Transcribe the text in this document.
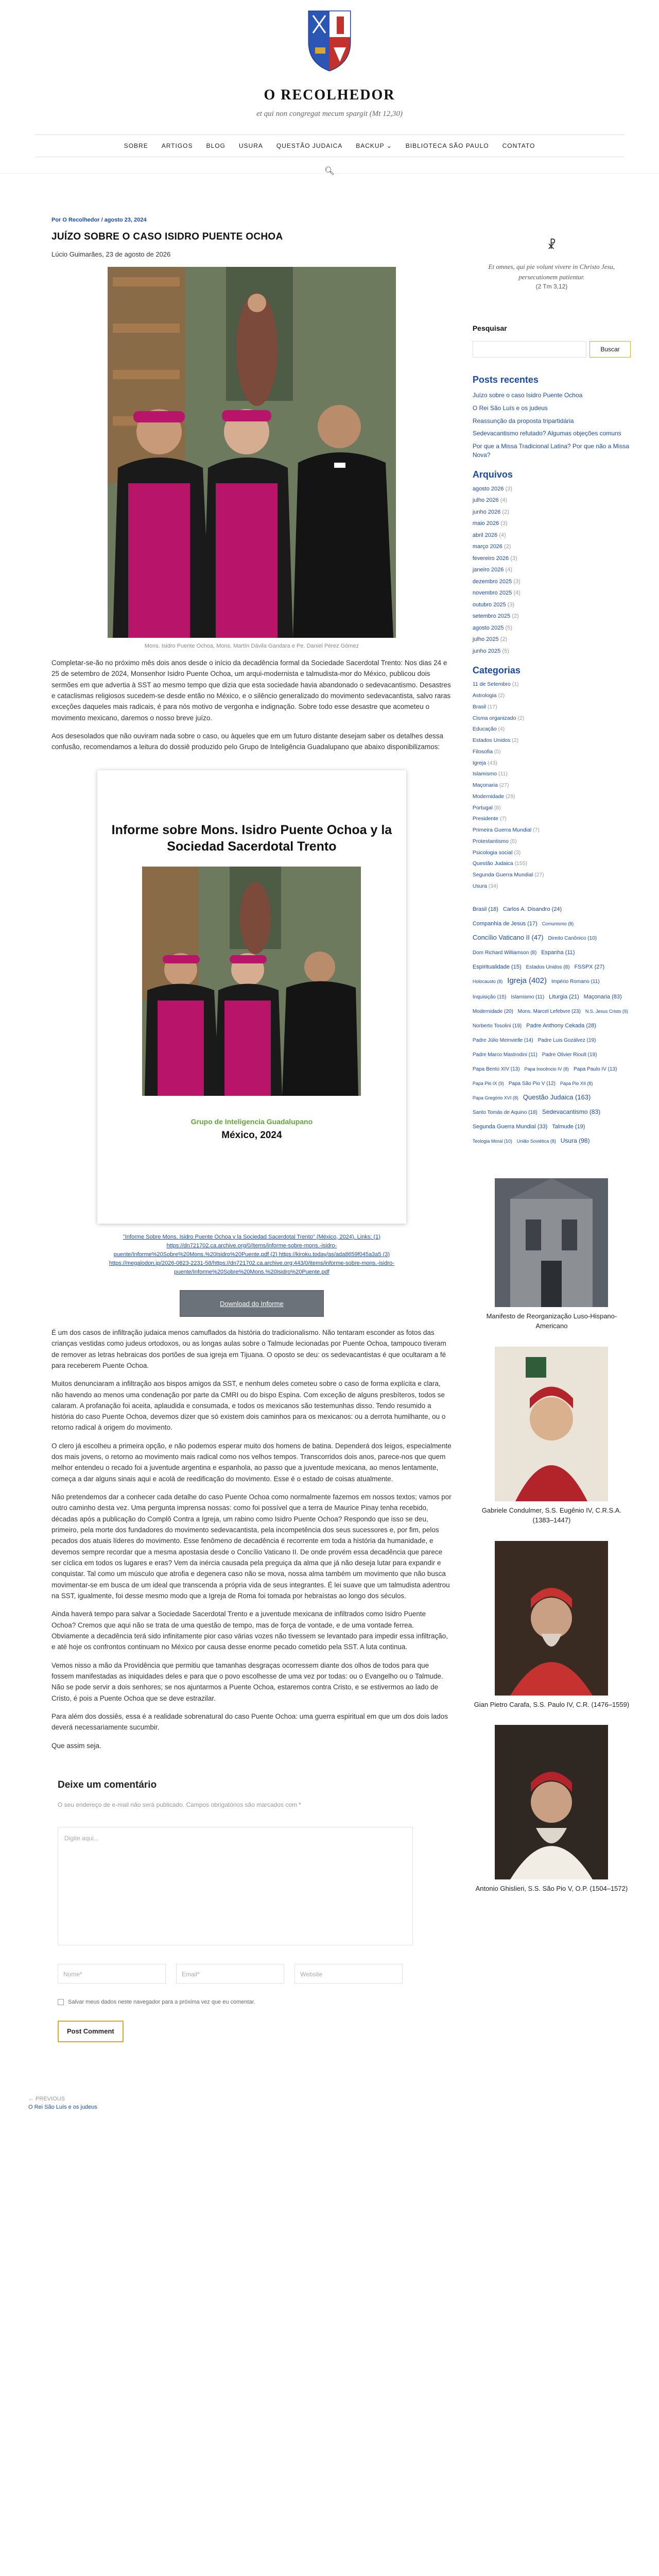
O RECOLHEDOR
et qui non congregat mecum spargit (Mt 12,30)
SOBRE ARTIGOS BLOG USURA QUESTÃO JUDAICA BACKUP ⌄ BIBLIOTECA SÃO PAULO CONTATO
🔍︎
Por O Recolhedor / agosto 23, 2024
JUÍZO SOBRE O CASO ISIDRO PUENTE OCHOA
Lúcio Guimarães, 23 de agosto de 2026
Mons. Isidro Puente Ochoa, Mons. Martín Dávila Gandara e Pe. Daniel Pérez Gómez

Completar-se-ão no próximo mês dois anos desde o início da decadência formal da Sociedade Sacerdotal Trento: Nos dias 24 e 25 de setembro de 2024, Monsenhor Isidro Puente Ochoa, um arqui-modernista e talmudista-mor do México, publicou dois sermões em que advertia à SST ao mesmo tempo que dizia que esta sociedade havia abandonado o sedevacantismo. Desastres e cataclismas religiosos sucedem-se desde então no México, e o silêncio generalizado do movimento sedevacantista, salvo raras exceções daqueles mais radicais, é para nós motivo de vergonha e indignação. Sobre todo esse desastre que acometeu o movimento mexicano, daremos o nosso breve juízo.

Aos desesolados que não ouviram nada sobre o caso, ou àqueles que em um futuro distante desejam saber os detalhes dessa confusão, recomendamos a leitura do dossiê produzido pelo Grupo de Inteligência Guadalupano que abaixo disponibilizamos:

Informe sobre Mons. Isidro Puente Ochoa y la Sociedad Sacerdotal Trento
Grupo de Inteligencia Guadalupano
México, 2024
"Informe Sobre Mons. Isidro Puente Ochoa y la Sociedad Sacerdotal Trento" (México, 2024). Links: (1) https://dn721702.ca.archive.org/0/items/informe-sobre-mons.-isidro-puente/Informe%20Sobre%20Mons.%20Isidro%20Puente.pdf (2) https://kiroku.today/as/ada8659f045a3a5 (3) https://megalodon.jp/2026-0823-2231-58/https://dn721702.ca.archive.org:443/0/items/informe-sobre-mons.-isidro-puente/Informe%20Sobre%20Mons.%20Isidro%20Puente.pdf
Download do Informe

É um dos casos de infiltração judaica menos camuflados da história do tradicionalismo. Não tentaram esconder as fotos das crianças vestidas como judeus ortodoxos, ou as longas aulas sobre o Talmude lecionadas por Puente Ochoa, tampouco tiveram de remover as letras hebraicas dos portões de sua igreja em Tijuana. O oposto se deu: os sedevacantistas é que ocultaram a fé para receberem Puente Ochoa.

Muitos denunciaram a infiltração aos bispos amigos da SST, e nenhum deles cometeu sobre o caso de forma explícita e clara, não havendo ao menos uma condenação por parte da CMRI ou do bispo Espina. Com exceção de alguns presbíteros, todos se calaram. A profanação foi aceita, aplaudida e consumada, e todos os mexicanos são testemunhas disso. Tendo resumido a história do caso Puente Ochoa, devemos dizer que só existem dois caminhos para os mexicanos: ou a derrota humilhante, ou o retorno radical à origem do movimento.

O clero já escolheu a primeira opção, e não podemos esperar muito dos homens de batina. Dependerá dos leigos, especialmente dos mais jovens, o retorno ao movimento mais radical como nos velhos tempos. Transcorridos dois anos, parece-nos que quem melhor entendeu o recado foi a juventude argentina e espanhola, ao passo que a juventude mexicana, ao menos lentamente, começa a dar alguns sinais aqui e acolá de reedificação do movimento. Esse é o estado de coisas atualmente.

Não pretendemos dar a conhecer cada detalhe do caso Puente Ochoa como normalmente fazemos em nossos textos; vamos por outro caminho desta vez. Uma pergunta imprensa nossas: como foi possível que a terra de Maurice Pinay tenha recebido, décadas após a publicação do Complô Contra a Igreja, um rabino como Isidro Puente Ochoa? Respondo que isso se deu, primeiro, pela morte dos fundadores do movimento sedevacantista, pela incompetência dos seus sucessores e, por fim, pelos pecados dos atuais líderes do movimento. Esse fenômeno de decadência é recorrente em toda a história da humanidade, e devemos sempre recordar que a mesma apostasia desde o Concílio Vaticano II. De onde provém essa decadência que parece ser cíclica em todos os lugares e eras? Vem da inércia causada pela preguiça da alma que já não deseja lutar para expandir e conquistar. Tal como um músculo que atrofia e degenera caso não se mova, nossa alma também um movimento que não busca movimentar-se em busca de um ideal que transcenda a própria vida de seus integrantes. É lei suave que um talmudista adentrou na SST, igualmente, foi desse mesmo modo que a Igreja de Roma foi tomada por hebraístas ao longo dos séculos.

Ainda haverá tempo para salvar a Sociedade Sacerdotal Trento e a juventude mexicana de infiltrados como Isidro Puente Ochoa? Cremos que aqui não se trata de uma questão de tempo, mas de força de vontade, e de uma vontade ferrea. Obviamente a decadência terá sido infinitamente pior caso várias vozes não tivessem se levantado para impedir essa infiltração, e até hoje os confrontos continuam no México por causa desse enorme pecado cometido pela SST. A luta continua.

Vemos nisso a mão da Providência que permitiu que tamanhas desgraças ocorressem diante dos olhos de todos para que fossem manifestadas as iniquidades deles e para que o povo escolhesse de uma vez por todas: ou o Evangelho ou o Talmude. Não se pode servir a dois senhores; se nos ajuntarmos a Puente Ochoa, estaremos contra Cristo, e se estivermos ao lado de Cristo, é pois a Puente Ochoa que se deve estrazilar.

Para além dos dossiês, essa é a realidade sobrenatural do caso Puente Ochoa: uma guerra espiritual em que um dos dois lados deverá necessariamente sucumbir.

Que assim seja.

Deixe um comentário
O seu endereço de e-mail não será publicado. Campos obrigatórios são marcados com *
Digite aqui...
Nome*	Email*	Website
Salvar meus dados neste navegador para a próxima vez que eu comentar.
Post Comment
☧
Et omnes, qui pie volunt vivere in Christo Jesu, persecutionem patientur.
(2 Tm 3,12)
Pesquisar
Buscar
Posts recentes
Juízo sobre o caso Isidro Puente Ochoa
O Rei São Luís e os judeus
Reassunção da proposta tripartidária
Sedevacantismo refutado? Algumas objeções comuns
Por que a Missa Tradicional Latina? Por que não a Missa Nova?
Arquivos
agosto 2026 (3)
julho 2026 (4)
junho 2026 (2)
maio 2026 (3)
abril 2026 (4)
março 2026 (2)
fevereiro 2026 (3)
janeiro 2026 (4)
dezembro 2025 (3)
novembro 2025 (4)
outubro 2025 (3)
setembro 2025 (2)
agosto 2025 (5)
julho 2025 (2)
junho 2025 (5)
Categorias
11 de Setembro (1)
Astrologia (2)
Brasil (17)
Cisma organizado (2)
Educação (4)
Estados Unidos (2)
Filosofia (5)
Igreja (43)
Islamismo (11)
Maçonaria (27)
Modernidade (29)
Portugal (8)
Presidente (7)
Primeira Guerra Mundial (7)
Protestantismo (5)
Psicologia social (3)
Questão Judaica (155)
Segunda Guerra Mundial (27)
Usura (34)
Brasil (18) Carlos A. Disandro (24) Companhia de Jesus (17) Comunismo (8) Concílio Vaticano II (47) Direito Canônico (10) Dom Richard Williamson (8) Espanha (11) Espiritualidade (15) Estados Unidos (8) FSSPX (27) Holocausto (8) Igreja (402) Império Romano (11) Inquisição (15) Islamismo (11) Liturgia (21) Maçonaria (83) Modernidade (20) Mons. Marcel Lefebvre (23) N.S. Jesus Cristo (9) Norberto Tosolini (19) Padre Anthony Cekada (28) Padre Júlio Meinvielle (14) Padre Luis Gozálvez (19) Padre Marco Mastrodini (11) Padre Olivier Rioult (19) Papa Bento XIV (13) Papa Inocêncio IV (8) Papa Paulo IV (13) Papa Pio IX (9) Papa São Pio V (12) Papa Pio XII (8) Papa Gregório XVI (8) Questão Judaica (163) Santo Tomás de Aquino (18) Sedevacantismo (83) Segunda Guerra Mundial (33) Talmude (19) Teologia Moral (10) União Soviética (8) Usura (98)
Manifesto de Reorganização Luso-Hispano-Americano
Gabriele Condulmer, S.S. Eugênio IV, C.R.S.A. (1383–1447)
Gian Pietro Carafa, S.S. Paulo IV, C.R. (1476–1559)
Antonio Ghislieri, S.S. São Pio V, O.P. (1504–1572)
← PREVIOUS
O Rei São Luís e os judeus
